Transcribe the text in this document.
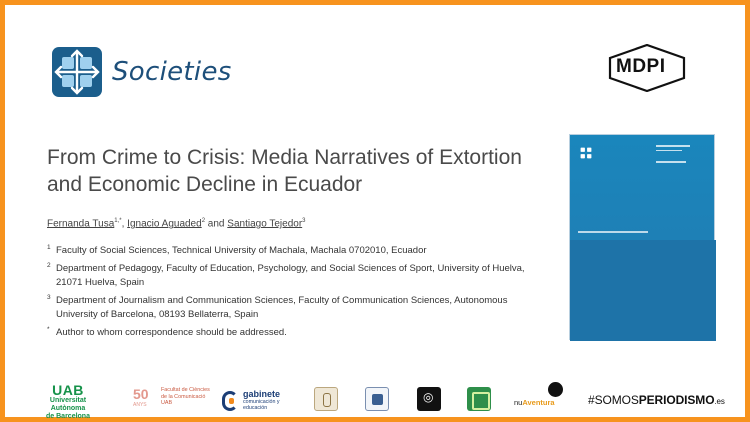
Societies	MDPI
From Crime to Crisis: Media Narratives of Extortion and Economic Decline in Ecuador
Fernanda Tusa$^{1,*}$, Ignacio Aguaded$^2$ and Santiago Tejedor$^3$
1 Faculty of Social Sciences, Technical University of Machala, Machala 0702010, Ecuador
2 Department of Pedagogy, Faculty of Education, Psychology, and Social Sciences of Sport, University of Huelva, 21071 Huelva, Spain
3 Department of Journalism and Communication Sciences, Faculty of Communication Sciences, Autonomous University of Barcelona, 08193 Bellaterra, Spain
* Author to whom correspondence should be addressed.
UAB
Universitat Autònoma
de Barcelona
50
ANYS
Facultat de Ciències de la Comunicació UAB
gabinete
comunicación y educación
◎
nuAventura	#SOMOSPERIODISMO.es
